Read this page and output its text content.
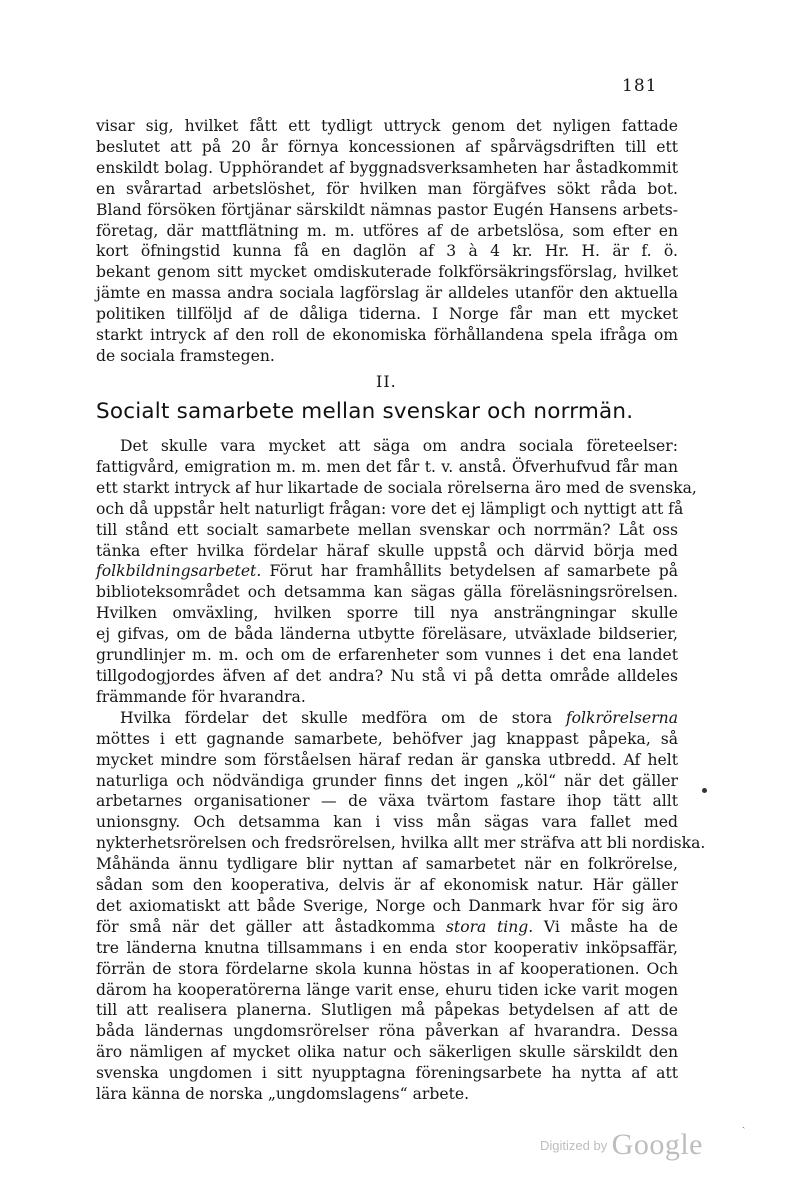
181
visar sig, hvilket fått ett tydligt uttryck genom det nyligen fattade
beslutet att på 20 år förnya koncessionen af spårvägsdriften till ett
enskildt bolag. Upphörandet af byggnadsverksamheten har åstadkommit
en svårartad arbetslöshet, för hvilken man förgäfves sökt råda bot.
Bland försöken förtjänar särskildt nämnas pastor Eugén Hansens arbets-
företag, där mattflätning m. m. utföres af de arbetslösa, som efter en
kort öfningstid kunna få en daglön af 3 à 4 kr. Hr. H. är f. ö.
bekant genom sitt mycket omdiskuterade folkförsäkringsförslag, hvilket
jämte en massa andra sociala lagförslag är alldeles utanför den aktuella
politiken tillföljd af de dåliga tiderna. I Norge får man ett mycket
starkt intryck af den roll de ekonomiska förhållandena spela ifråga om
de sociala framstegen.
II.
Socialt samarbete mellan svenskar och norrmän.
Det skulle vara mycket att säga om andra sociala företeelser:
fattigvård, emigration m. m. men det får t. v. anstå. Öfverhufvud får man
ett starkt intryck af hur likartade de sociala rörelserna äro med de svenska,
och då uppstår helt naturligt frågan: vore det ej lämpligt och nyttigt att få
till stånd ett socialt samarbete mellan svenskar och norrmän? Låt oss
tänka efter hvilka fördelar häraf skulle uppstå och därvid börja med
folkbildningsarbetet. Förut har framhållits betydelsen af samarbete på
biblioteksområdet och detsamma kan sägas gälla föreläsningsrörelsen.
Hvilken omväxling, hvilken sporre till nya ansträngningar skulle
ej gifvas, om de båda länderna utbytte föreläsare, utväxlade bildserier,
grundlinjer m. m. och om de erfarenheter som vunnes i det ena landet
tillgodogjordes äfven af det andra? Nu stå vi på detta område alldeles
främmande för hvarandra.
Hvilka fördelar det skulle medföra om de stora folkrörelserna
möttes i ett gagnande samarbete, behöfver jag knappast påpeka, så
mycket mindre som förståelsen häraf redan är ganska utbredd. Af helt
naturliga och nödvändiga grunder finns det ingen „köl“ när det gäller
arbetarnes organisationer — de växa tvärtom fastare ihop tätt allt
unionsgny. Och detsamma kan i viss mån sägas vara fallet med
nykterhetsrörelsen och fredsrörelsen, hvilka allt mer sträfva att bli nordiska.
Måhända ännu tydligare blir nyttan af samarbetet när en folkrörelse,
sådan som den kooperativa, delvis är af ekonomisk natur. Här gäller
det axiomatiskt att både Sverige, Norge och Danmark hvar för sig äro
för små när det gäller att åstadkomma stora ting. Vi måste ha de
tre länderna knutna tillsammans i en enda stor kooperativ inköpsaffär,
förrän de stora fördelarne skola kunna höstas in af kooperationen. Och
därom ha kooperatörerna länge varit ense, ehuru tiden icke varit mogen
till att realisera planerna. Slutligen må påpekas betydelsen af att de
båda ländernas ungdomsrörelser röna påverkan af hvarandra. Dessa
äro nämligen af mycket olika natur och säkerligen skulle särskildt den
svenska ungdomen i sitt nyupptagna föreningsarbete ha nytta af att
lära känna de norska „ungdomslagens“ arbete.
ˏ
$^{Digitized by}$ Google
